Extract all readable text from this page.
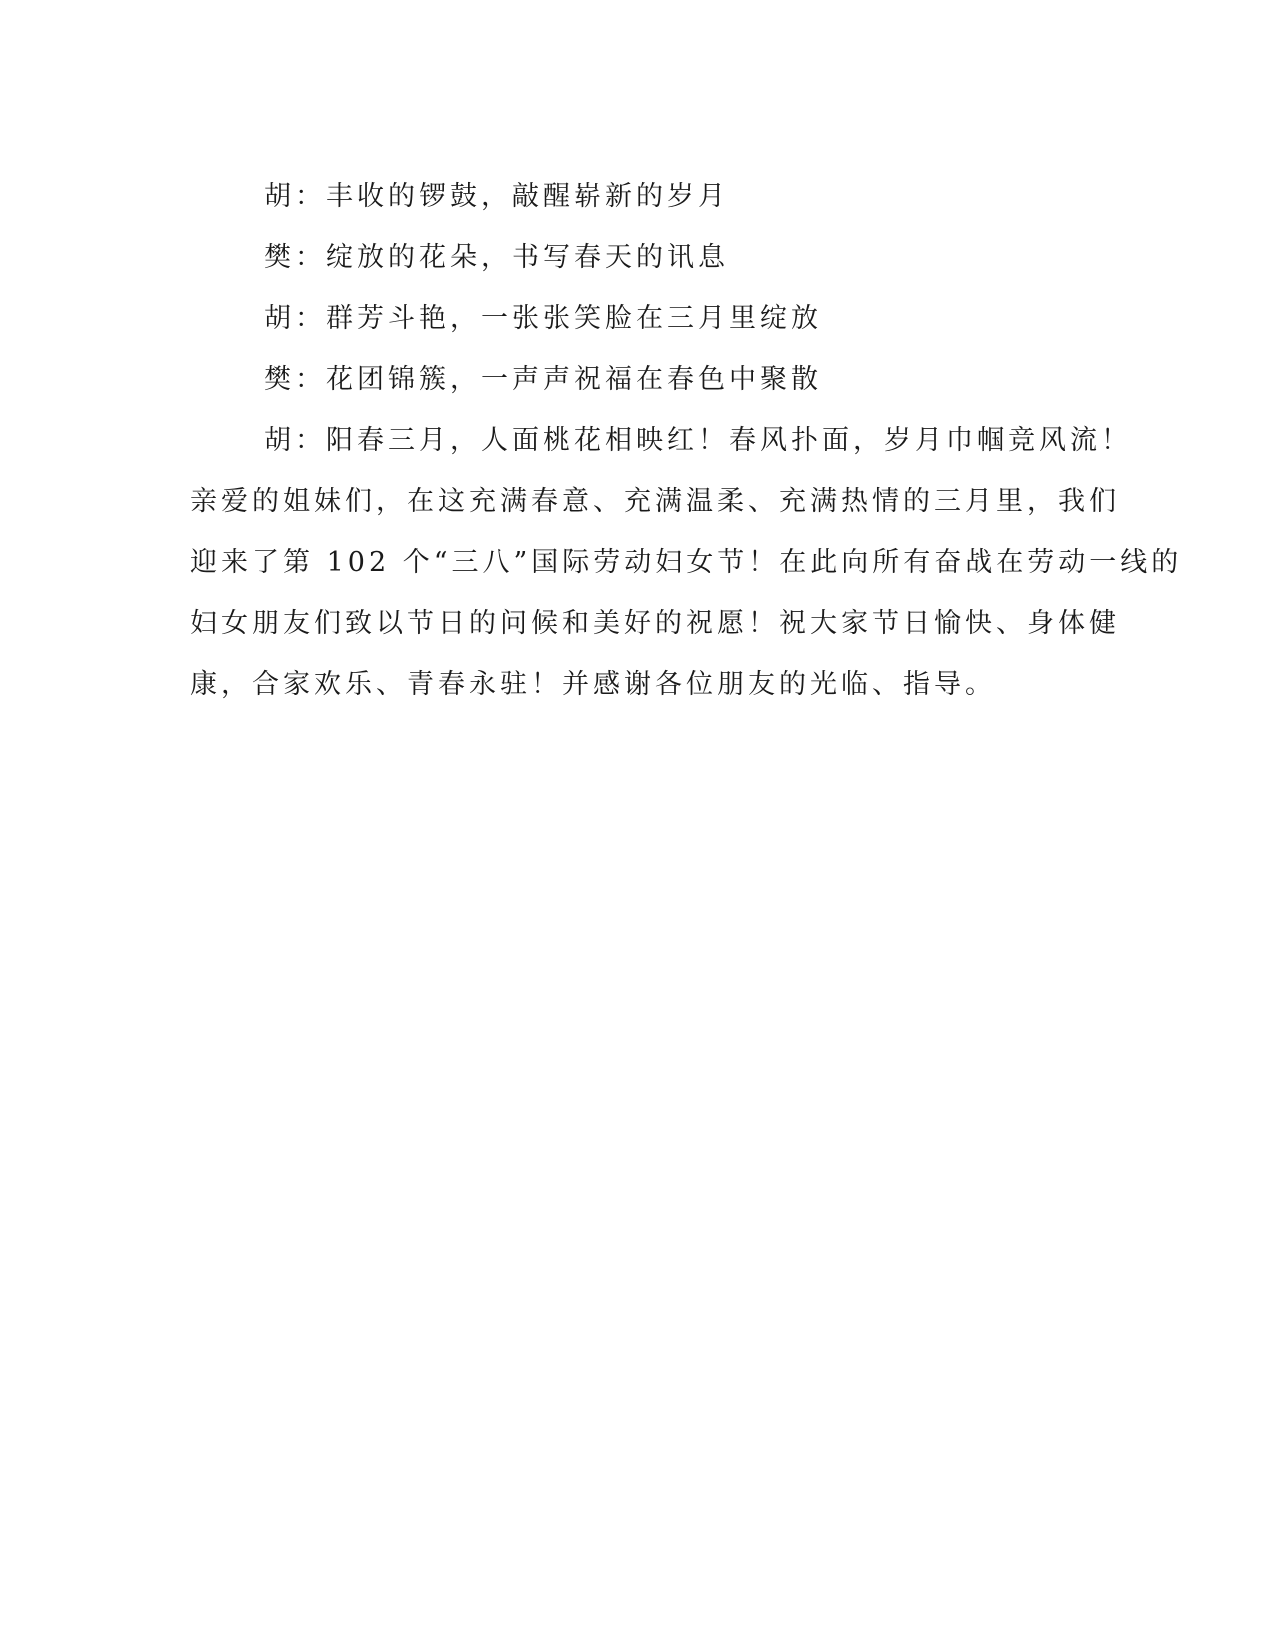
胡：丰收的锣鼓，敲醒崭新的岁月

樊：绽放的花朵，书写春天的讯息

胡：群芳斗艳，一张张笑脸在三月里绽放

樊：花团锦簇，一声声祝福在春色中聚散

胡：阳春三月，人面桃花相映红！春风扑面，岁月巾帼竞风流！
亲爱的姐妹们，在这充满春意、充满温柔、充满热情的三月里，我们
迎来了第 102 个“三八”国际劳动妇女节！在此向所有奋战在劳动一线的
妇女朋友们致以节日的问候和美好的祝愿！祝大家节日愉快、身体健
康，合家欢乐、青春永驻！并感谢各位朋友的光临、指导。
